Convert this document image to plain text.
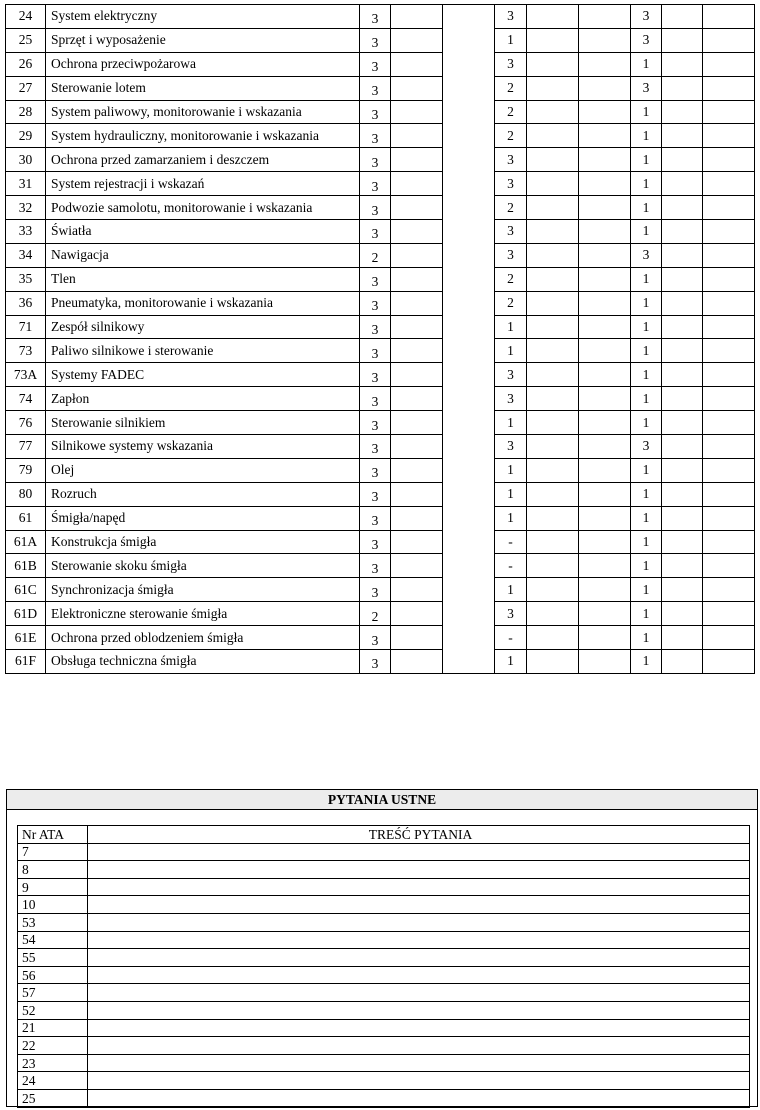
24	System elektryczny	3			3			3		
25	Sprzęt i wyposażenie	3			1			3		
26	Ochrona przeciwpożarowa	3			3			1		
27	Sterowanie lotem	3			2			3		
28	System paliwowy, monitorowanie i wskazania	3			2			1		
29	System hydrauliczny, monitorowanie i wskazania	3			2			1		
30	Ochrona przed zamarzaniem i deszczem	3			3			1		
31	System rejestracji i wskazań	3			3			1		
32	Podwozie samolotu, monitorowanie i wskazania	3			2			1		
33	Światła	3			3			1		
34	Nawigacja	2			3			3		
35	Tlen	3			2			1		
36	Pneumatyka, monitorowanie i wskazania	3			2			1		
71	Zespół silnikowy	3			1			1		
73	Paliwo silnikowe i sterowanie	3			1			1		
73A	Systemy FADEC	3			3			1		
74	Zapłon	3			3			1		
76	Sterowanie silnikiem	3			1			1		
77	Silnikowe systemy wskazania	3			3			3		
79	Olej	3			1			1		
80	Rozruch	3			1			1		
61	Śmigła/napęd	3			1			1		
61A	Konstrukcja śmigła	3			-			1		
61B	Sterowanie skoku śmigła	3			-			1		
61C	Synchronizacja śmigła	3			1			1		
61D	Elektroniczne sterowanie śmigła	2			3			1		
61E	Ochrona przed oblodzeniem śmigła	3			-			1		
61F	Obsługa techniczna śmigła	3			1			1		
PYTANIA USTNE
Nr ATA	TREŚĆ PYTANIA
7	
8	
9	
10	
53	
54	
55	
56	
57	
52	
21	
22	
23	
24	
25	
